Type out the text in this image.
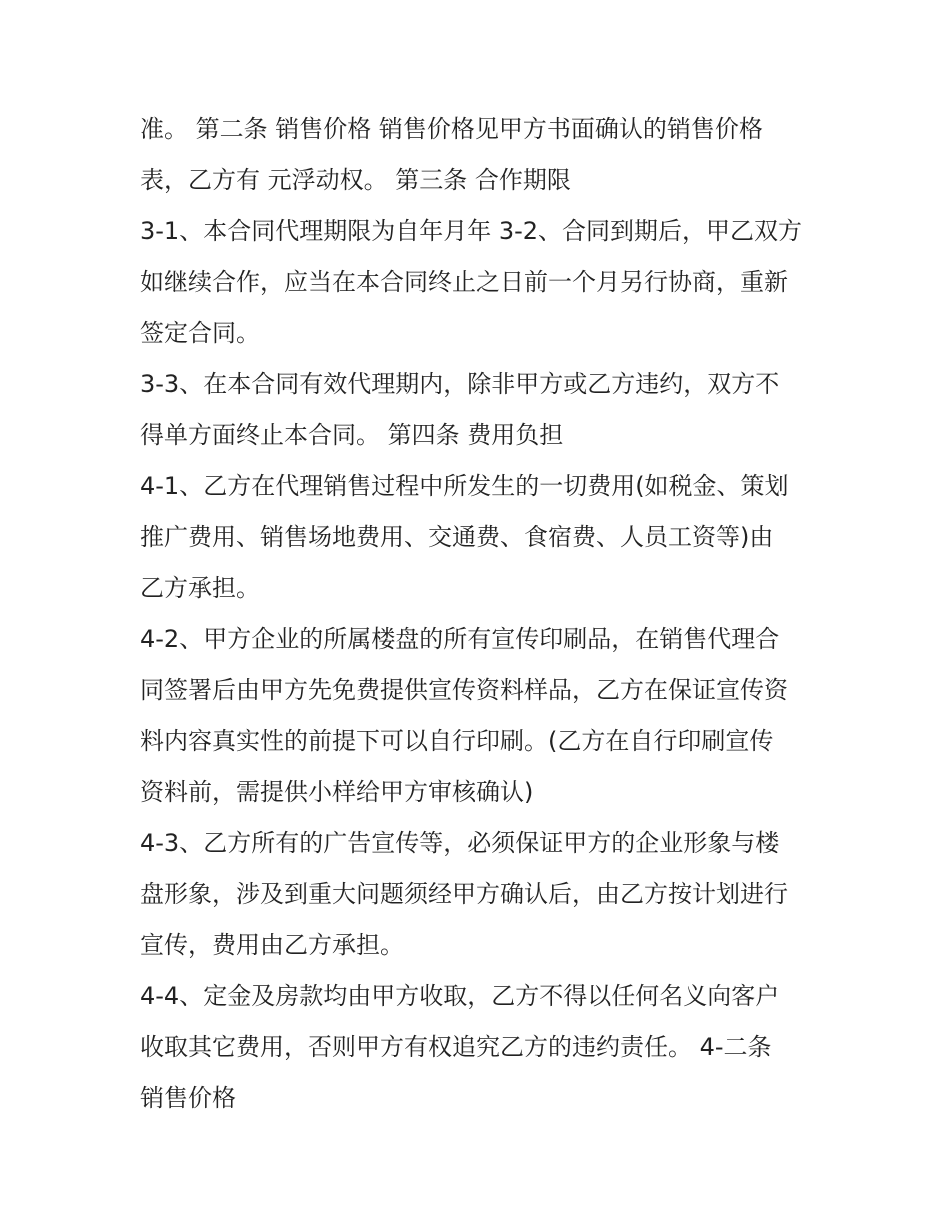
准。 第二条 销售价格 销售价格见甲方书面确认的销售价格
表，乙方有 元浮动权。 第三条 合作期限
3-1、本合同代理期限为自年月年 3-2、合同到期后，甲乙双方
如继续合作，应当在本合同终止之日前一个月另行协商，重新
签定合同。
3-3、在本合同有效代理期内，除非甲方或乙方违约，双方不
得单方面终止本合同。 第四条 费用负担
4-1、乙方在代理销售过程中所发生的一切费用(如税金、策划
推广费用、销售场地费用、交通费、食宿费、人员工资等)由
乙方承担。
4-2、甲方企业的所属楼盘的所有宣传印刷品，在销售代理合
同签署后由甲方先免费提供宣传资料样品，乙方在保证宣传资
料内容真实性的前提下可以自行印刷。(乙方在自行印刷宣传
资料前，需提供小样给甲方审核确认)
4-3、乙方所有的广告宣传等，必须保证甲方的企业形象与楼
盘形象，涉及到重大问题须经甲方确认后，由乙方按计划进行
宣传，费用由乙方承担。
4-4、定金及房款均由甲方收取，乙方不得以任何名义向客户
收取其它费用，否则甲方有权追究乙方的违约责任。 4-二条
销售价格
